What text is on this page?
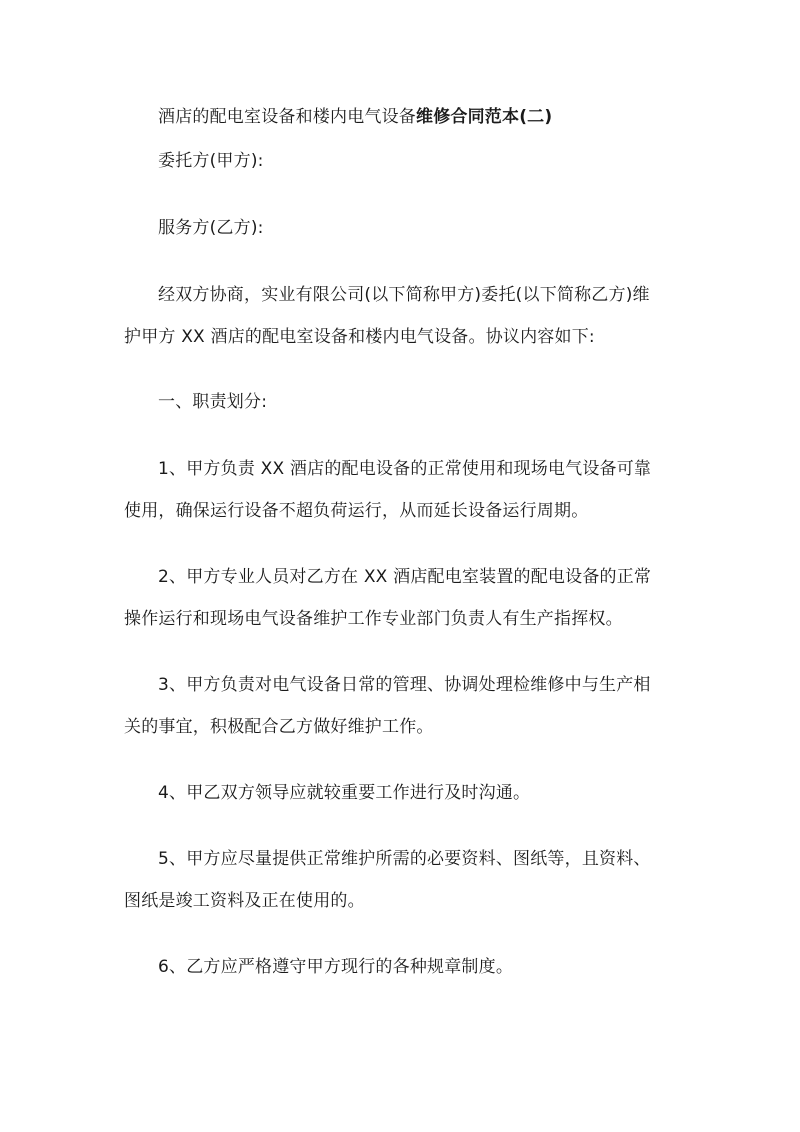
酒店的配电室设备和楼内电气设备维修合同范本(二)

委托方(甲方):

服务方(乙方):

经双方协商，实业有限公司(以下简称甲方)委托(以下简称乙方)维

护甲方 XX 酒店的配电室设备和楼内电气设备。协议内容如下:

一、职责划分:

1、甲方负责 XX 酒店的配电设备的正常使用和现场电气设备可靠

使用，确保运行设备不超负荷运行，从而延长设备运行周期。

2、甲方专业人员对乙方在 XX 酒店配电室装置的配电设备的正常

操作运行和现场电气设备维护工作专业部门负责人有生产指挥权。

3、甲方负责对电气设备日常的管理、协调处理检维修中与生产相

关的事宜，积极配合乙方做好维护工作。

4、甲乙双方领导应就较重要工作进行及时沟通。

5、甲方应尽量提供正常维护所需的必要资料、图纸等，且资料、

图纸是竣工资料及正在使用的。

6、乙方应严格遵守甲方现行的各种规章制度。
